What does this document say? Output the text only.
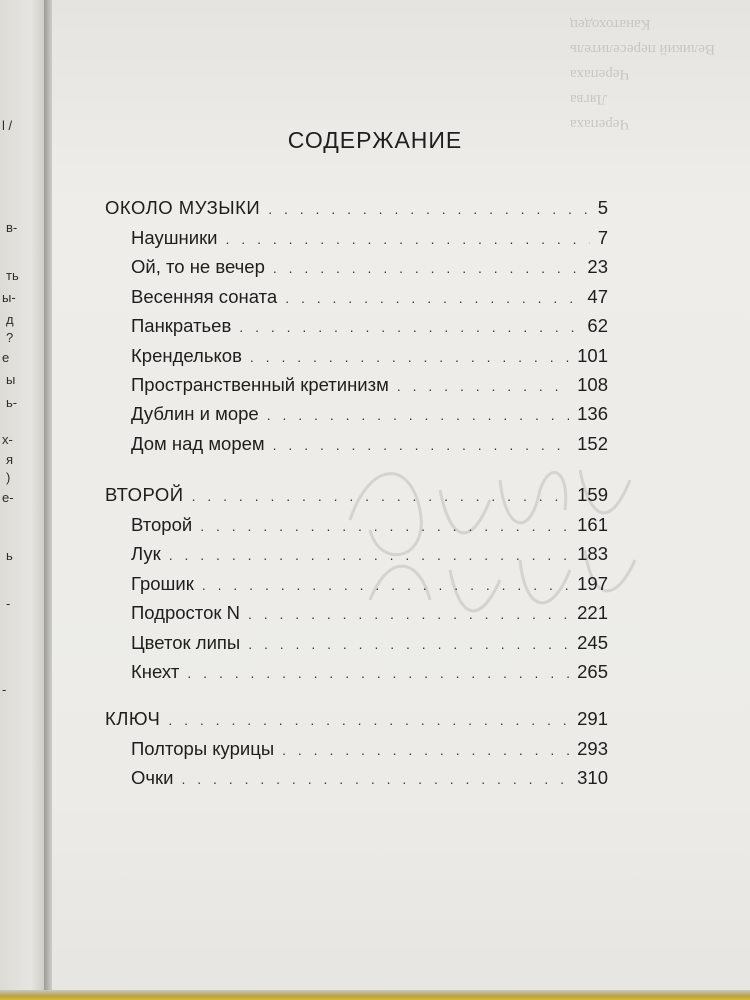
l /
в-
ть
ы-
д
?
е
ы
ь-
х-
я
)
е-
ь
-
-
Черепаха
Лягва
Черепаха
Великий переселитель
Канатоходец
СОДЕРЖАНИЕ
ОКОЛО МУЗЫКИ . . .	5
Наушники . . .	7
Ой, то не вечер . . .	23
Весенняя соната . . .	47
Панкратьев . . .	62
Крендельков . . .	101
Пространственный кретинизм . . .	108
Дублин и море . . .	136
Дом над морем . . .	152
ВТОРОЙ . . .	159
Второй . . .	161
Лук . . .	183
Грошик . . .	197
Подросток N . . .	221
Цветок липы . . .	245
Кнехт . . .	265
КЛЮЧ . . .	291
Полторы курицы . . .	293
Очки . . .	310
